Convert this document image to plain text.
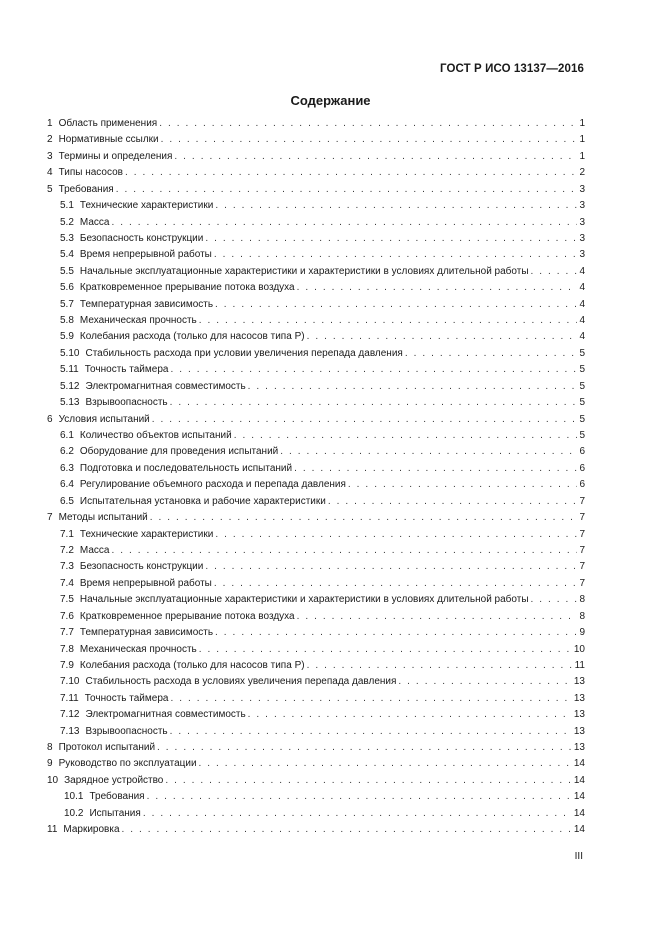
ГОСТ Р ИСО 13137—2016
Содержание
1 Область применения . . .	1
2 Нормативные ссылки . . .	1
3 Термины и определения . . .	1
4 Типы насосов . . .	2
5 Требования . . .	3
5.1 Технические характеристики . . .	3
5.2 Масса . . .	3
5.3 Безопасность конструкции . . .	3
5.4 Время непрерывной работы . . .	3
5.5 Начальные эксплуатационные характеристики и характеристики в условиях длительной работы . . .	4
5.6 Кратковременное прерывание потока воздуха . . .	4
5.7 Температурная зависимость . . .	4
5.8 Механическая прочность . . .	4
5.9 Колебания расхода (только для насосов типа Р) . . .	4
5.10 Стабильность расхода при условии увеличения перепада давления . . .	5
5.11 Точность таймера . . .	5
5.12 Электромагнитная совместимость . . .	5
5.13 Взрывоопасность . . .	5
6 Условия испытаний . . .	5
6.1 Количество объектов испытаний . . .	5
6.2 Оборудование для проведения испытаний . . .	6
6.3 Подготовка и последовательность испытаний . . .	6
6.4 Регулирование объемного расхода и перепада давления . . .	6
6.5 Испытательная установка и рабочие характеристики . . .	7
7 Методы испытаний . . .	7
7.1 Технические характеристики . . .	7
7.2 Масса . . .	7
7.3 Безопасность конструкции . . .	7
7.4 Время непрерывной работы . . .	7
7.5 Начальные эксплуатационные характеристики и характеристики в условиях длительной работы . . .	8
7.6 Кратковременное прерывание потока воздуха . . .	8
7.7 Температурная зависимость . . .	9
7.8 Механическая прочность . . .	10
7.9 Колебания расхода (только для насосов типа Р) . . .	11
7.10 Стабильность расхода в условиях увеличения перепада давления . . .	13
7.11 Точность таймера . . .	13
7.12 Электромагнитная совместимость . . .	13
7.13 Взрывоопасность . . .	13
8 Протокол испытаний . . .	13
9 Руководство по эксплуатации . . .	14
10 Зарядное устройство . . .	14
10.1 Требования . . .	14
10.2 Испытания . . .	14
11 Маркировка . . .	14
III
